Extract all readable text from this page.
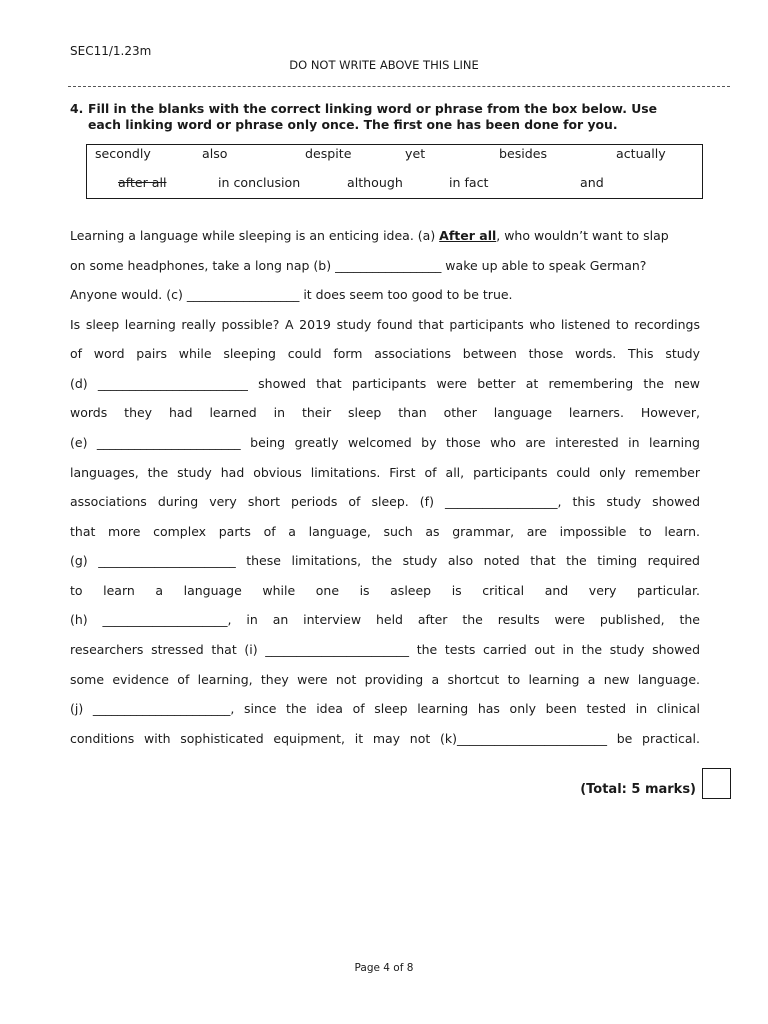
SEC11/1.23m
DO NOT WRITE ABOVE THIS LINE
4. Fill in the blanks with the correct linking word or phrase from the box below. Use
each linking word or phrase only once. The first one has been done for you.
secondly	also	despite	yet	besides	actually
after all	in conclusion	although	in fact	and
Learning a language while sleeping is an enticing idea. (a) After all, who wouldn’t want to slap
on some headphones, take a long nap (b) _________________ wake up able to speak German?
Anyone would. (c) __________________ it does seem too good to be true.
Is sleep learning really possible? A 2019 study found that participants who listened to recordings
of word pairs while sleeping could form associations between those words. This study
(d) ________________________ showed that participants were better at remembering the new
words they had learned in their sleep than other language learners. However,
(e) _______________________ being greatly welcomed by those who are interested in learning
languages, the study had obvious limitations. First of all, participants could only remember
associations during very short periods of sleep. (f) __________________, this study showed
that more complex parts of a language, such as grammar, are impossible to learn.
(g) ______________________ these limitations, the study also noted that the timing required
to learn a language while one is asleep is critical and very particular.
(h) ____________________, in an interview held after the results were published, the
researchers stressed that (i) _______________________ the tests carried out in the study showed
some evidence of learning, they were not providing a shortcut to learning a new language.
(j) ______________________, since the idea of sleep learning has only been tested in clinical
conditions with sophisticated equipment, it may not (k)________________________ be practical.
(Total: 5 marks)
Page 4 of 8
